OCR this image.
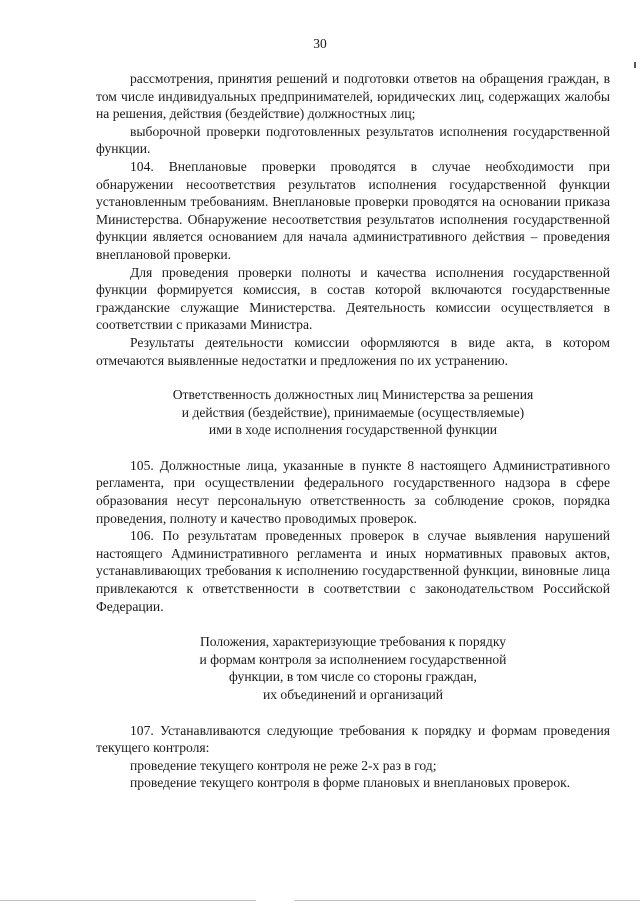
30

рассмотрения, принятия решений и подготовки ответов на обращения граждан, в том числе индивидуальных предпринимателей, юридических лиц, содержащих жалобы на решения, действия (бездействие) должностных лиц;

выборочной проверки подготовленных результатов исполнения государственной функции.

104. Внеплановые проверки проводятся в случае необходимости при обнаружении несоответствия результатов исполнения государственной функции установленным требованиям. Внеплановые проверки проводятся на основании приказа Министерства. Обнаружение несоответствия результатов исполнения государственной функции является основанием для начала административного действия – проведения внеплановой проверки.

Для проведения проверки полноты и качества исполнения государственной функции формируется комиссия, в состав которой включаются государственные гражданские служащие Министерства. Деятельность комиссии осуществляется в соответствии с приказами Министра.

Результаты деятельности комиссии оформляются в виде акта, в котором отмечаются выявленные недостатки и предложения по их устранению.

Ответственность должностных лиц Министерства за решения
и действия (бездействие), принимаемые (осуществляемые)
ими в ходе исполнения государственной функции

105. Должностные лица, указанные в пункте 8 настоящего Административного регламента, при осуществлении федерального государственного надзора в сфере образования несут персональную ответственность за соблюдение сроков, порядка проведения, полноту и качество проводимых проверок.

106. По результатам проведенных проверок в случае выявления нарушений настоящего Административного регламента и иных нормативных правовых актов, устанавливающих требования к исполнению государственной функции, виновные лица привлекаются к ответственности в соответствии с законодательством Российской Федерации.

Положения, характеризующие требования к порядку
и формам контроля за исполнением государственной
функции, в том числе со стороны граждан,
их объединений и организаций

107. Устанавливаются следующие требования к порядку и формам проведения текущего контроля:

проведение текущего контроля не реже 2-х раз в год;

проведение текущего контроля в форме плановых и внеплановых проверок.
